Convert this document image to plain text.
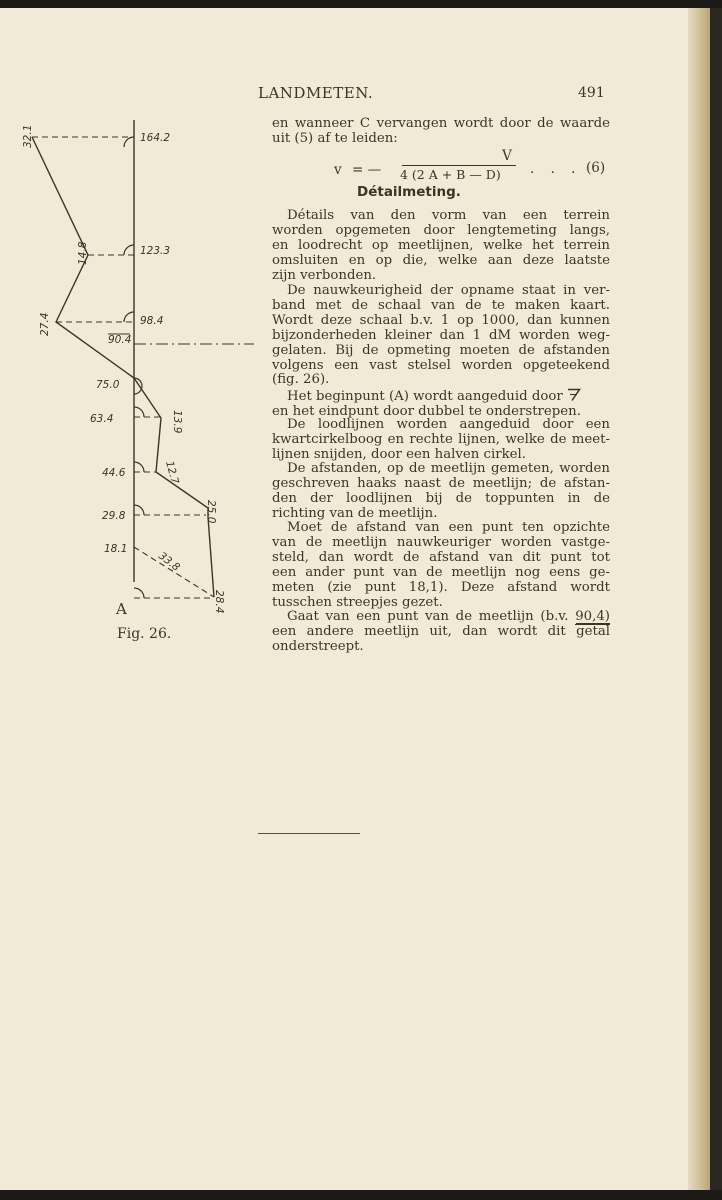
LANDMETEN.	491
en wanneer C vervangen wordt door de waarde
uit (5) af te leiden:
v = —
V
4 (2 A + B — D) · · · (6)
Détailmeting.
Détails van den vorm van een terrein
worden opgemeten door lengtemeting langs,
en loodrecht op meetlijnen, welke het terrein
omsluiten en op die, welke aan deze laatste
zijn verbonden.
De nauwkeurigheid der opname staat in ver-
band met de schaal van de te maken kaart.
Wordt deze schaal b.v. 1 op 1000, dan kunnen
bijzonderheden kleiner dan 1 dM worden weg-
gelaten. Bij de opmeting moeten de afstanden
volgens een vast stelsel worden opgeteekend
(fig. 26).
Het beginpunt (A) wordt aangeduid door
en het eindpunt door dubbel te onderstrepen.
De loodlijnen worden aangeduid door een
kwartcirkelboog en rechte lijnen, welke de meet-
lijnen snijden, door een halven cirkel.
De afstanden, op de meetlijn gemeten, worden
geschreven haaks naast de meetlijn; de afstan-
den der loodlijnen bij de toppunten in de
richting van de meetlijn.
Moet de afstand van een punt ten opzichte
van de meetlijn nauwkeuriger worden vastge-
steld, dan wordt de afstand van dit punt tot
een ander punt van de meetlijn nog eens ge-
meten (zie punt 18,1). Deze afstand wordt
tusschen streepjes gezet.
Gaat van een punt van de meetlijn (b.v. 90,4)
een andere meetlijn uit, dan wordt dit getal
onderstreept.
164.2
123.3
98.4
90.4
75.0
63.4
44.6
29.8
18.1
32.1
14.8
27.4
13.9
12.7
25.0
28.4
33.8
A
Fig. 26.
